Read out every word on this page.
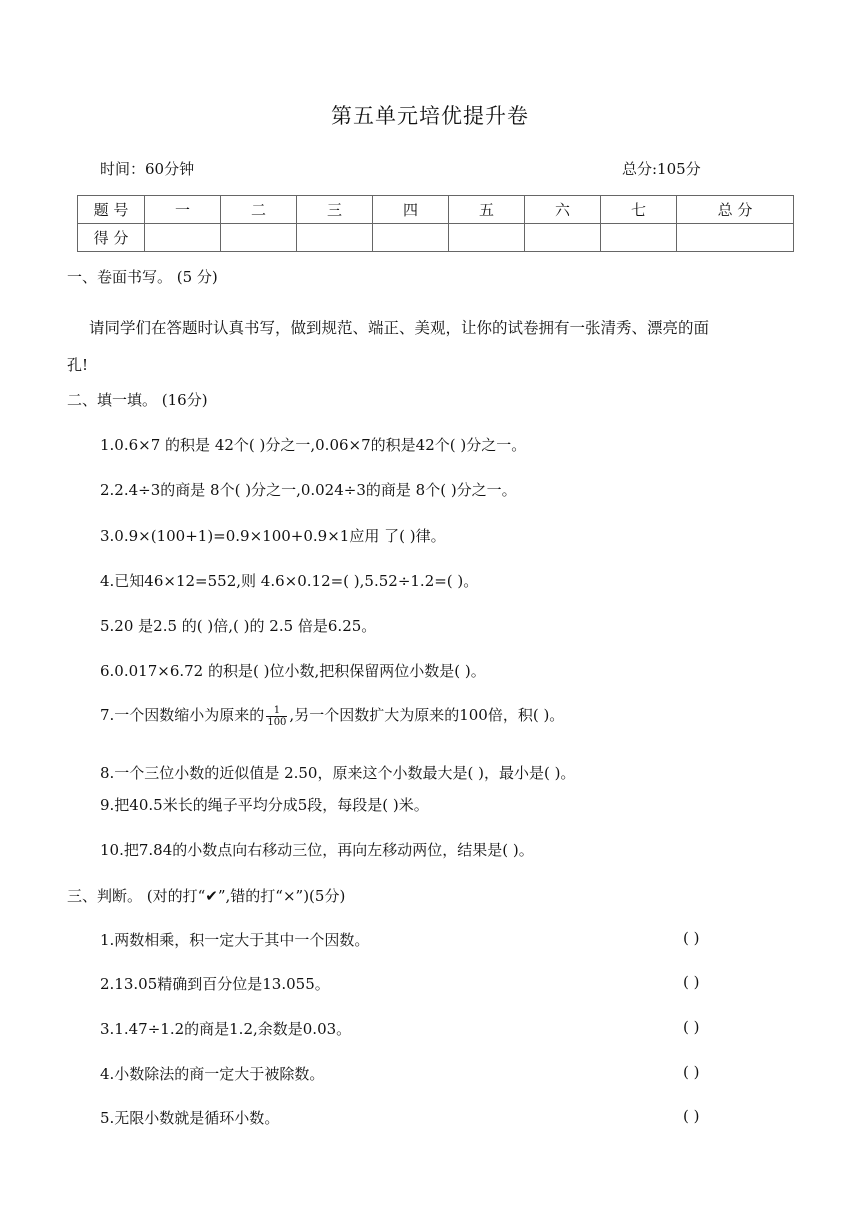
第五单元培优提升卷
时间：60分钟	总分:105分
题 号	一	二	三	四	五	六	七	总 分
得 分								
一、卷面书写。 (5 分)
请同学们在答题时认真书写，做到规范、端正、美观，让你的试卷拥有一张清秀、漂亮的面
孔!
二、填一填。 (16分)
1.0.6×7 的积是 42个( )分之一,0.06×7的积是42个( )分之一。
2.2.4÷3的商是 8个( )分之一,0.024÷3的商是 8个( )分之一。
3.0.9×(100+1)=0.9×100+0.9×1应用 了( )律。
4.已知46×12=552,则 4.6×0.12=( ),5.52÷1.2=( )。
5.20 是2.5 的( )倍,( )的 2.5 倍是6.25。
6.0.017×6.72 的积是( )位小数,把积保留两位小数是( )。
7.一个因数缩小为原来的 $\frac{1}{100}$ ,另一个因数扩大为原来的100倍，积( )。
8.一个三位小数的近似值是 2.50，原来这个小数最大是( )，最小是( )。
9.把40.5米长的绳子平均分成5段，每段是( )米。
10.把7.84的小数点向右移动三位，再向左移动两位，结果是( )。
三、判断。 (对的打“✔”,错的打“×”)(5分)
1.两数相乘，积一定大于其中一个因数。	( )
2.13.05精确到百分位是13.055。	( )
3.1.47÷1.2的商是1.2,余数是0.03。	( )
4.小数除法的商一定大于被除数。	( )
5.无限小数就是循环小数。	( )
